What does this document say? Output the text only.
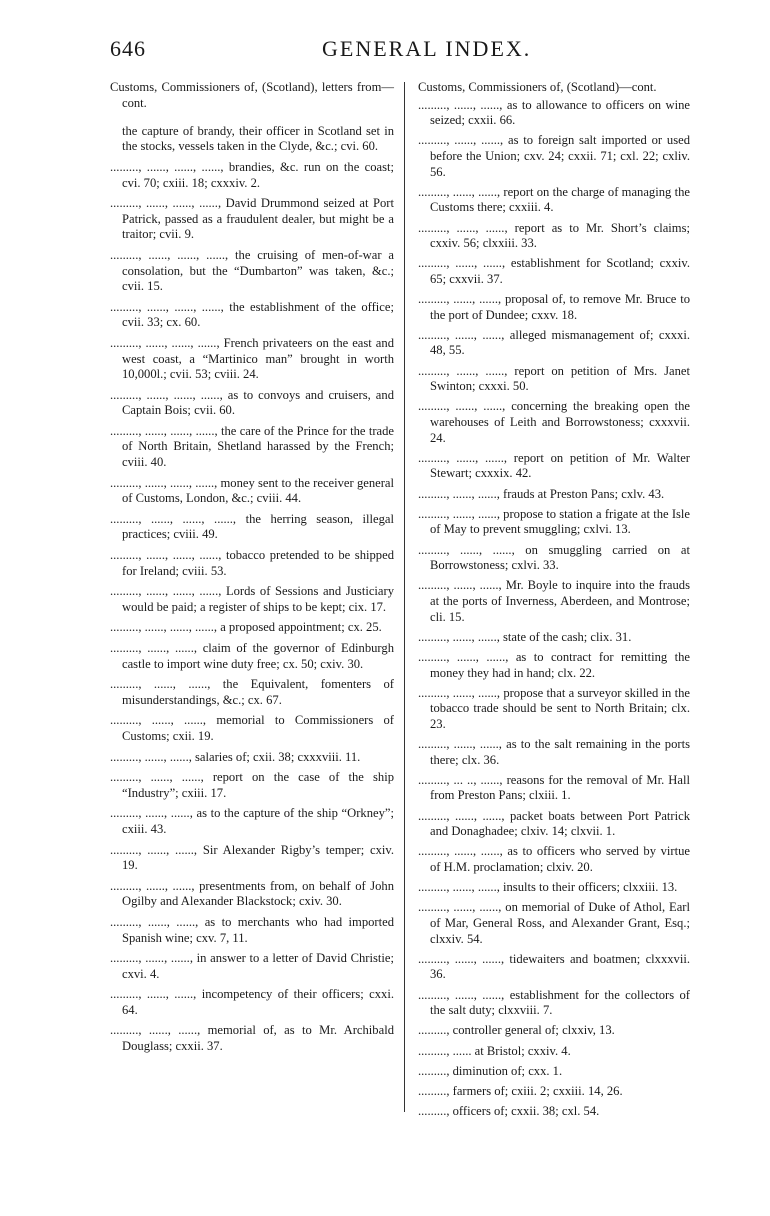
646	GENERAL INDEX.

Customs, Commissioners of, (Scotland), letters from—cont.

the capture of brandy, their officer in Scotland set in the stocks, vessels taken in the Clyde, &c.; cvi. 60.

........., ......, ......, ......, brandies, &c. run on the coast; cvi. 70; cxiii. 18; cxxxiv. 2.

........., ......, ......, ......, David Drummond seized at Port Patrick, passed as a fraudulent dealer, but might be a traitor; cvii. 9.

........., ......, ......, ......, the cruising of men-of-war a consolation, but the “Dumbarton” was taken, &c.; cvii. 15.

........., ......, ......, ......, the establishment of the office; cvii. 33; cx. 60.

........., ......, ......, ......, French privateers on the east and west coast, a “Martinico man” brought in worth 10,000l.; cvii. 53; cviii. 24.

........., ......, ......, ......, as to convoys and cruisers, and Captain Bois; cvii. 60.

........., ......, ......, ......, the care of the Prince for the trade of North Britain, Shetland harassed by the French; cviii. 40.

........., ......, ......, ......, money sent to the receiver general of Customs, London, &c.; cviii. 44.

........., ......, ......, ......, the herring season, illegal practices; cviii. 49.

........., ......, ......, ......, tobacco pretended to be shipped for Ireland; cviii. 53.

........., ......, ......, ......, Lords of Sessions and Justiciary would be paid; a register of ships to be kept; cix. 17.

........., ......, ......, ......, a proposed appointment; cx. 25.

........., ......, ......, claim of the governor of Edinburgh castle to import wine duty free; cx. 50; cxiv. 30.

........., ......, ......, the Equivalent, fomenters of misunderstandings, &c.; cx. 67.

........., ......, ......, memorial to Commissioners of Customs; cxii. 19.

........., ......, ......, salaries of; cxii. 38; cxxxviii. 11.

........., ......, ......, report on the case of the ship “Industry”; cxiii. 17.

........., ......, ......, as to the capture of the ship “Orkney”; cxiii. 43.

........., ......, ......, Sir Alexander Rigby’s temper; cxiv. 19.

........., ......, ......, presentments from, on behalf of John Ogilby and Alexander Blackstock; cxiv. 30.

........., ......, ......, as to merchants who had imported Spanish wine; cxv. 7, 11.

........., ......, ......, in answer to a letter of David Christie; cxvi. 4.

........., ......, ......, incompetency of their officers; cxxi. 64.

........., ......, ......, memorial of, as to Mr. Archibald Douglass; cxxii. 37.

Customs, Commissioners of, (Scotland)—cont.

........., ......, ......, as to allowance to officers on wine seized; cxxii. 66.

........., ......, ......, as to foreign salt imported or used before the Union; cxv. 24; cxxii. 71; cxl. 22; cxliv. 56.

........., ......, ......, report on the charge of managing the Customs there; cxxiii. 4.

........., ......, ......, report as to Mr. Short’s claims; cxxiv. 56; clxxiii. 33.

........., ......, ......, establishment for Scotland; cxxiv. 65; cxxvii. 37.

........., ......, ......, proposal of, to remove Mr. Bruce to the port of Dundee; cxxv. 18.

........., ......, ......, alleged mismanagement of; cxxxi. 48, 55.

........., ......, ......, report on petition of Mrs. Janet Swinton; cxxxi. 50.

........., ......, ......, concerning the breaking open the warehouses of Leith and Borrowstoness; cxxxvii. 24.

........., ......, ......, report on petition of Mr. Walter Stewart; cxxxix. 42.

........., ......, ......, frauds at Preston Pans; cxlv. 43.

........., ......, ......, propose to station a frigate at the Isle of May to prevent smuggling; cxlvi. 13.

........., ......, ......, on smuggling carried on at Borrowstoness; cxlvi. 33.

........., ......, ......, Mr. Boyle to inquire into the frauds at the ports of Inverness, Aberdeen, and Montrose; cli. 15.

........., ......, ......, state of the cash; clix. 31.

........., ......, ......, as to contract for remitting the money they had in hand; clx. 22.

........., ......, ......, propose that a surveyor skilled in the tobacco trade should be sent to North Britain; clx. 23.

........., ......, ......, as to the salt remaining in the ports there; clx. 36.

........., ... .., ......, reasons for the removal of Mr. Hall from Preston Pans; clxiii. 1.

........., ......, ......, packet boats between Port Patrick and Donaghadee; clxiv. 14; clxvii. 1.

........., ......, ......, as to officers who served by virtue of H.M. proclamation; clxiv. 20.

........., ......, ......, insults to their officers; clxxiii. 13.

........., ......, ......, on memorial of Duke of Athol, Earl of Mar, General Ross, and Alexander Grant, Esq.; clxxiv. 54.

........., ......, ......, tidewaiters and boatmen; clxxxvii. 36.

........., ......, ......, establishment for the collectors of the salt duty; clxxviii. 7.

........., controller general of; clxxiv, 13.

........., ...... at Bristol; cxxiv. 4.

........., diminution of; cxx. 1.

........., farmers of; cxiii. 2; cxxiii. 14, 26.

........., officers of; cxxii. 38; cxl. 54.
